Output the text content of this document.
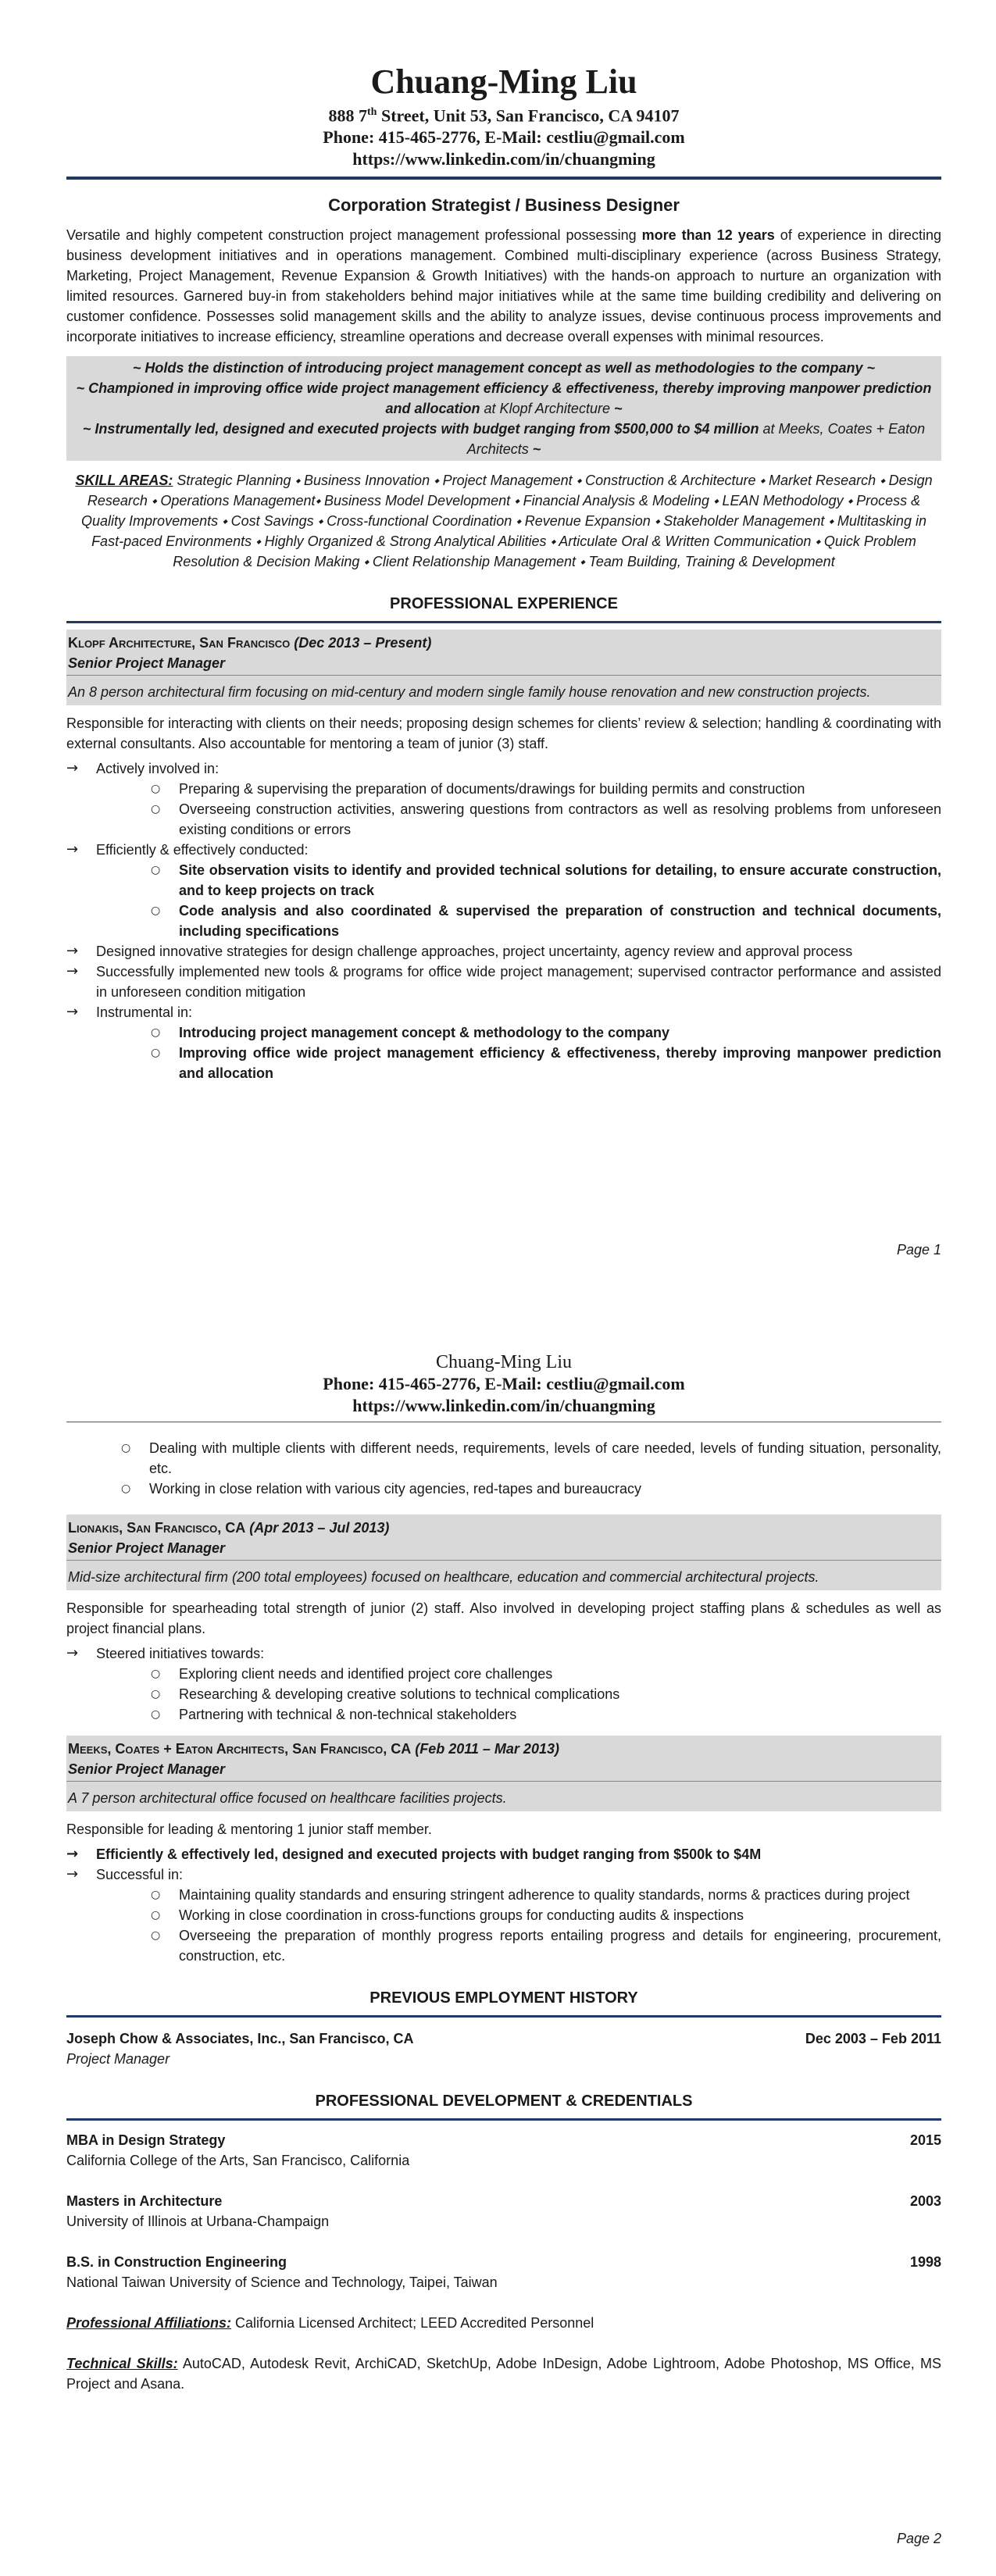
Chuang-Ming Liu
888 7th Street, Unit 53, San Francisco, CA 94107
Phone: 415-465-2776, E-Mail: cestliu@gmail.com
https://www.linkedin.com/in/chuangming
Corporation Strategist / Business Designer

Versatile and highly competent construction project management professional possessing more than 12 years of experience in directing business development initiatives and in operations management. Combined multi-disciplinary experience (across Business Strategy, Marketing, Project Management, Revenue Expansion & Growth Initiatives) with the hands-on approach to nurture an organization with limited resources. Garnered buy-in from stakeholders behind major initiatives while at the same time building credibility and delivering on customer confidence. Possesses solid management skills and the ability to analyze issues, devise continuous process improvements and incorporate initiatives to increase efficiency, streamline operations and decrease overall expenses with minimal resources.

~ Holds the distinction of introducing project management concept as well as methodologies to the company ~
~ Championed in improving office wide project management efficiency & effectiveness, thereby improving manpower prediction and allocation at Klopf Architecture ~
~ Instrumentally led, designed and executed projects with budget ranging from $500,000 to $4 million at Meeks, Coates + Eaton Architects ~
SKILL AREAS: Strategic Planning ⬩ Business Innovation ⬩ Project Management ⬩ Construction & Architecture ⬩ Market Research ⬩ Design Research ⬩ Operations Management⬩ Business Model Development ⬩ Financial Analysis & Modeling ⬩ LEAN Methodology ⬩ Process & Quality Improvements ⬩ Cost Savings ⬩ Cross-functional Coordination ⬩ Revenue Expansion ⬩ Stakeholder Management ⬩ Multitasking in Fast-paced Environments ⬩ Highly Organized & Strong Analytical Abilities ⬩ Articulate Oral & Written Communication ⬩ Quick Problem Resolution & Decision Making ⬩ Client Relationship Management ⬩ Team Building, Training & Development
PROFESSIONAL EXPERIENCE
Klopf Architecture, San Francisco (Dec 2013 – Present)
Senior Project Manager
An 8 person architectural firm focusing on mid-century and modern single family house renovation and new construction projects.

Responsible for interacting with clients on their needs; proposing design schemes for clients’ review & selection; handling & coordinating with external consultants. Also accountable for mentoring a team of junior (3) staff.

→ Actively involved in:
○ Preparing & supervising the preparation of documents/drawings for building permits and construction
○ Overseeing construction activities, answering questions from contractors as well as resolving problems from unforeseen existing conditions or errors
→ Efficiently & effectively conducted:
○ Site observation visits to identify and provided technical solutions for detailing, to ensure accurate construction, and to keep projects on track
○ Code analysis and also coordinated & supervised the preparation of construction and technical documents, including specifications
→ Designed innovative strategies for design challenge approaches, project uncertainty, agency review and approval process
→ Successfully implemented new tools & programs for office wide project management; supervised contractor performance and assisted in unforeseen condition mitigation
→ Instrumental in:
○ Introducing project management concept & methodology to the company
○ Improving office wide project management efficiency & effectiveness, thereby improving manpower prediction and allocation
Page 1
Chuang-Ming Liu
Phone: 415-465-2776, E-Mail: cestliu@gmail.com
https://www.linkedin.com/in/chuangming
○ Dealing with multiple clients with different needs, requirements, levels of care needed, levels of funding situation, personality, etc.
○ Working in close relation with various city agencies, red-tapes and bureaucracy
Lionakis, San Francisco, CA (Apr 2013 – Jul 2013)
Senior Project Manager
Mid-size architectural firm (200 total employees) focused on healthcare, education and commercial architectural projects.

Responsible for spearheading total strength of junior (2) staff. Also involved in developing project staffing plans & schedules as well as project financial plans.

→ Steered initiatives towards:
○ Exploring client needs and identified project core challenges
○ Researching & developing creative solutions to technical complications
○ Partnering with technical & non-technical stakeholders
Meeks, Coates + Eaton Architects, San Francisco, CA (Feb 2011 – Mar 2013)
Senior Project Manager
A 7 person architectural office focused on healthcare facilities projects.

Responsible for leading & mentoring 1 junior staff member.

→ Efficiently & effectively led, designed and executed projects with budget ranging from $500k to $4M
→ Successful in:
○ Maintaining quality standards and ensuring stringent adherence to quality standards, norms & practices during project
○ Working in close coordination in cross-functions groups for conducting audits & inspections
○ Overseeing the preparation of monthly progress reports entailing progress and details for engineering, procurement, construction, etc.
PREVIOUS EMPLOYMENT HISTORY
Joseph Chow & Associates, Inc., San Francisco, CA	Dec 2003 – Feb 2011
Project Manager
PROFESSIONAL DEVELOPMENT & CREDENTIALS
MBA in Design Strategy	2015
California College of the Arts, San Francisco, California
Masters in Architecture	2003
University of Illinois at Urbana-Champaign
B.S. in Construction Engineering	1998
National Taiwan University of Science and Technology, Taipei, Taiwan
Professional Affiliations: California Licensed Architect; LEED Accredited Personnel
Technical Skills: AutoCAD, Autodesk Revit, ArchiCAD, SketchUp, Adobe InDesign, Adobe Lightroom, Adobe Photoshop, MS Office, MS Project and Asana.
Page 2
